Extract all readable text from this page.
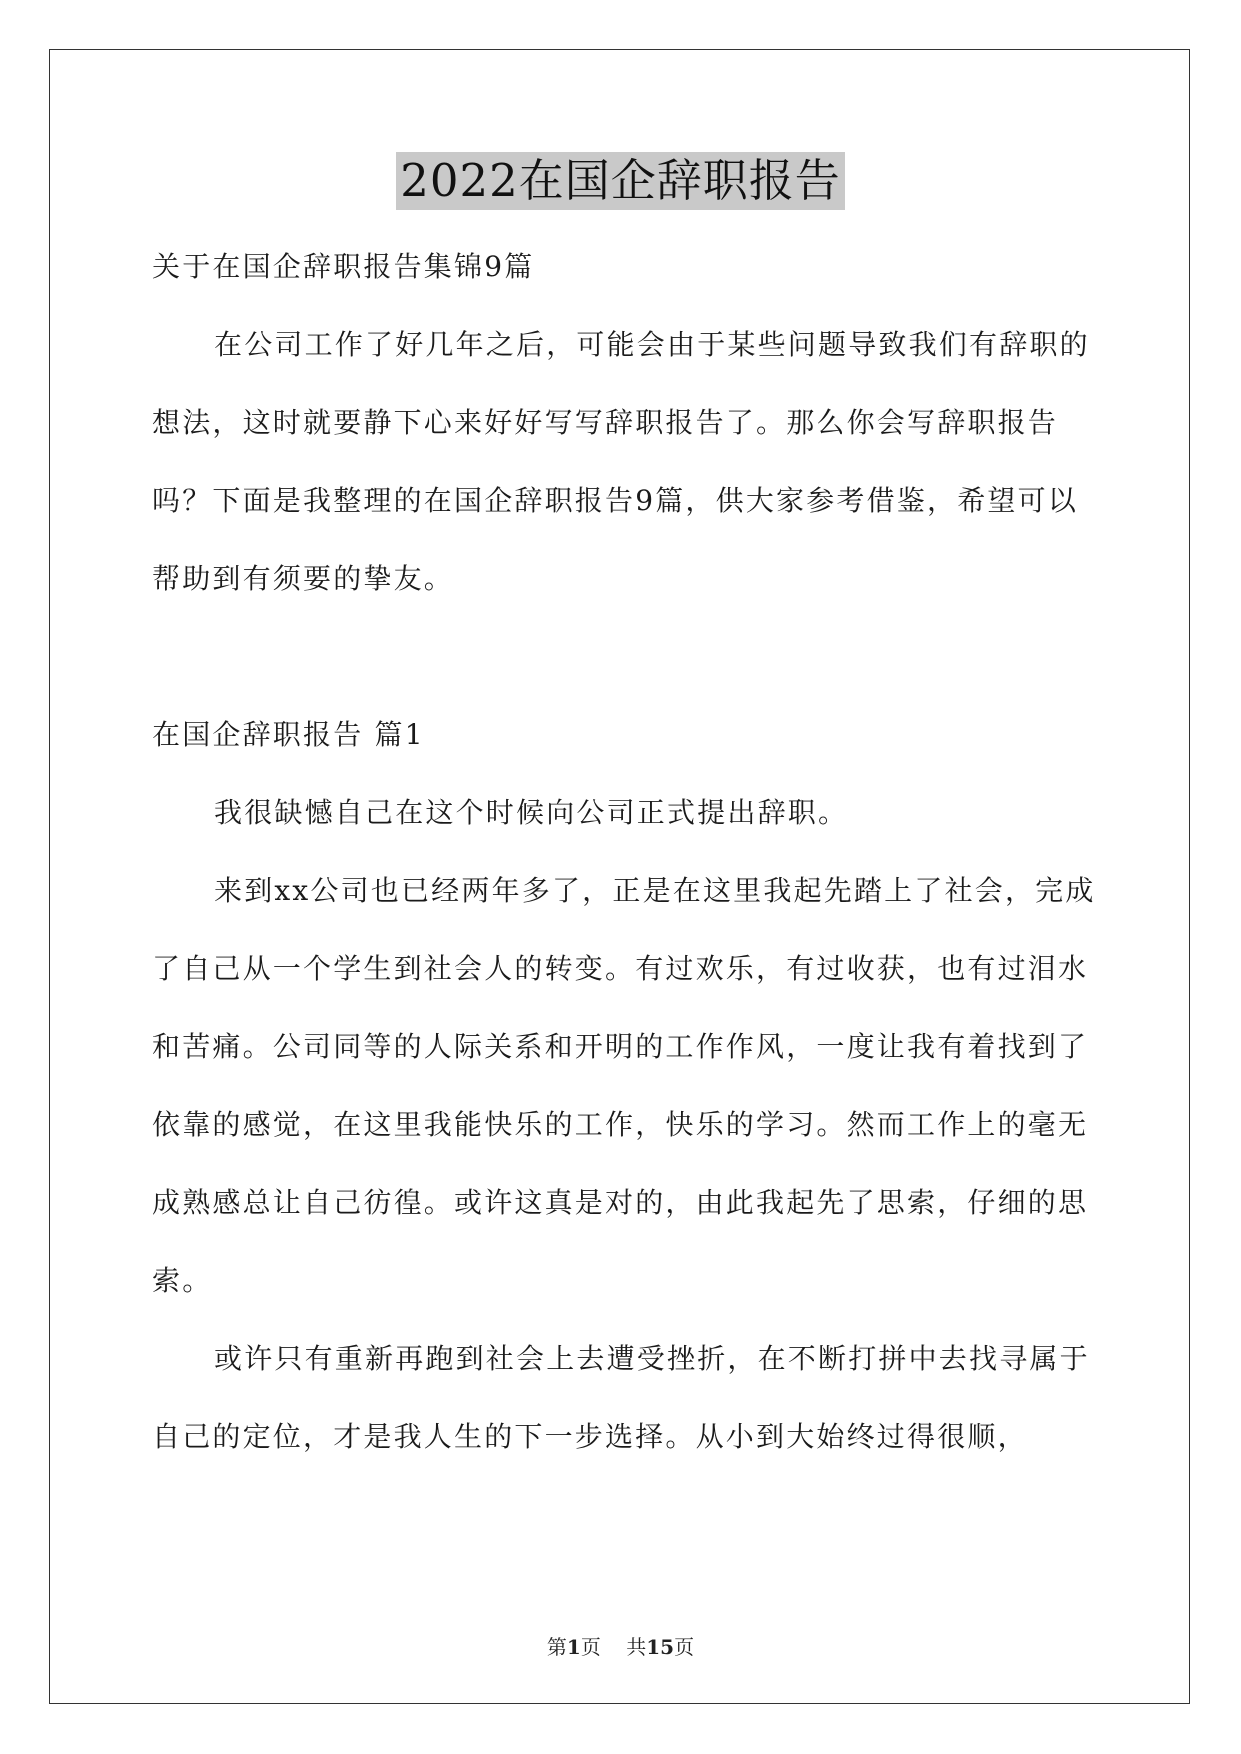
2022在国企辞职报告

关于在国企辞职报告集锦9篇

在公司工作了好几年之后，可能会由于某些问题导致我们有辞职的想法，这时就要静下心来好好写写辞职报告了。那么你会写辞职报告吗？下面是我整理的在国企辞职报告9篇，供大家参考借鉴，希望可以帮助到有须要的挚友。

在国企辞职报告 篇1

我很缺憾自己在这个时候向公司正式提出辞职。

来到xx公司也已经两年多了，正是在这里我起先踏上了社会，完成了自己从一个学生到社会人的转变。有过欢乐，有过收获，也有过泪水和苦痛。公司同等的人际关系和开明的工作作风，一度让我有着找到了依靠的感觉，在这里我能快乐的工作，快乐的学习。然而工作上的毫无成熟感总让自己彷徨。或许这真是对的，由此我起先了思索，仔细的思索。

或许只有重新再跑到社会上去遭受挫折，在不断打拼中去找寻属于自己的定位，才是我人生的下一步选择。从小到大始终过得很顺，

第1页 共15页
